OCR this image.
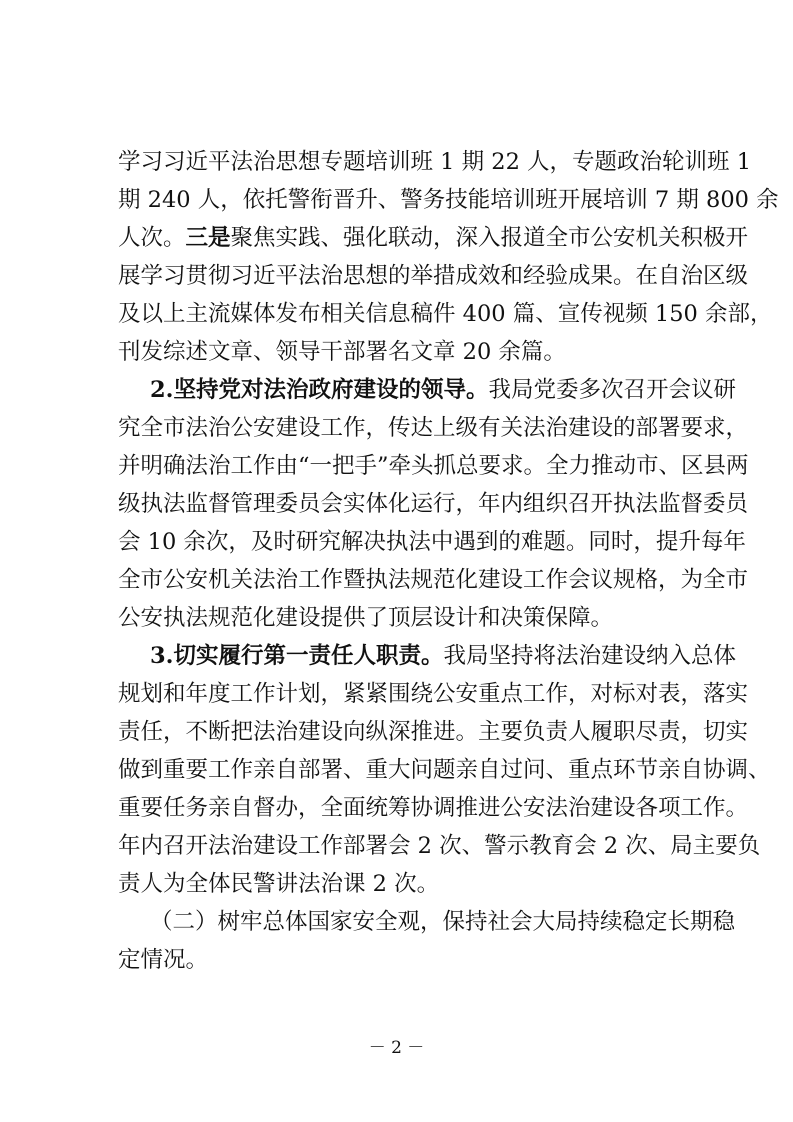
学习习近平法治思想专题培训班 1 期 22 人，专题政治轮训班 1
期 240 人，依托警衔晋升、警务技能培训班开展培训 7 期 800 余
人次。三是聚焦实践、强化联动，深入报道全市公安机关积极开
展学习贯彻习近平法治思想的举措成效和经验成果。在自治区级
及以上主流媒体发布相关信息稿件 400 篇、宣传视频 150 余部，
刊发综述文章、领导干部署名文章 20 余篇。
2.坚持党对法治政府建设的领导。我局党委多次召开会议研
究全市法治公安建设工作，传达上级有关法治建设的部署要求，
并明确法治工作由“一把手”牵头抓总要求。全力推动市、区县两
级执法监督管理委员会实体化运行，年内组织召开执法监督委员
会 10 余次，及时研究解决执法中遇到的难题。同时，提升每年
全市公安机关法治工作暨执法规范化建设工作会议规格，为全市
公安执法规范化建设提供了顶层设计和决策保障。
3.切实履行第一责任人职责。我局坚持将法治建设纳入总体
规划和年度工作计划，紧紧围绕公安重点工作，对标对表，落实
责任，不断把法治建设向纵深推进。主要负责人履职尽责，切实
做到重要工作亲自部署、重大问题亲自过问、重点环节亲自协调、
重要任务亲自督办，全面统筹协调推进公安法治建设各项工作。
年内召开法治建设工作部署会 2 次、警示教育会 2 次、局主要负
责人为全体民警讲法治课 2 次。
（二）树牢总体国家安全观，保持社会大局持续稳定长期稳
定情况。
－ 2 －
